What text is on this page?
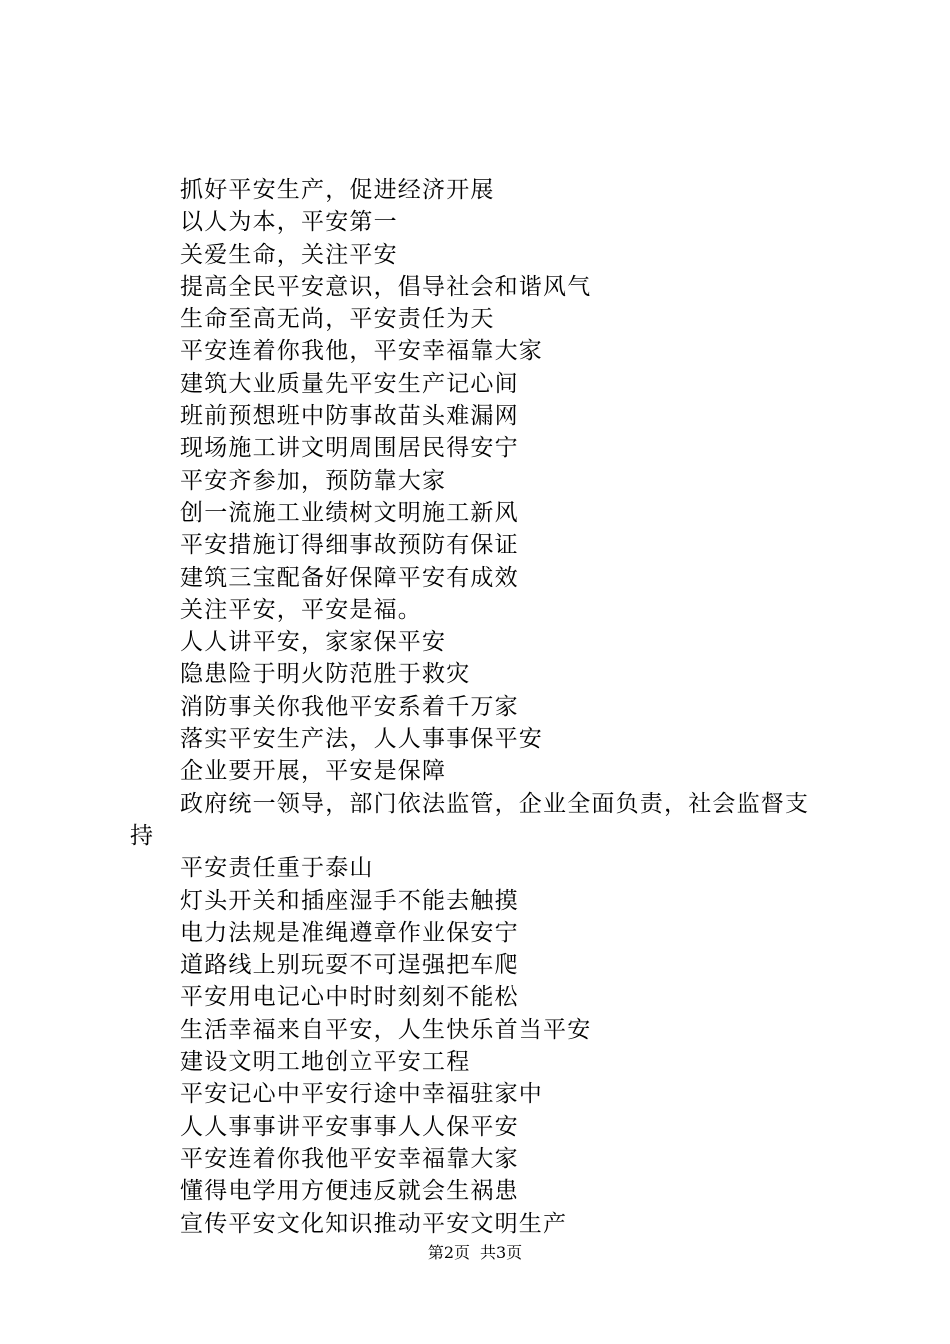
抓好平安生产，促进经济开展
以人为本，平安第一
关爱生命，关注平安
提高全民平安意识，倡导社会和谐风气
生命至高无尚，平安责任为天
平安连着你我他，平安幸福靠大家
建筑大业质量先平安生产记心间
班前预想班中防事故苗头难漏网
现场施工讲文明周围居民得安宁
平安齐参加，预防靠大家
创一流施工业绩树文明施工新风
平安措施订得细事故预防有保证
建筑三宝配备好保障平安有成效
关注平安，平安是福。
人人讲平安，家家保平安
隐患险于明火防范胜于救灾
消防事关你我他平安系着千万家
落实平安生产法，人人事事保平安
企业要开展，平安是保障
政府统一领导，部门依法监管，企业全面负责，社会监督支
持
平安责任重于泰山
灯头开关和插座湿手不能去触摸
电力法规是准绳遵章作业保安宁
道路线上别玩耍不可逞强把车爬
平安用电记心中时时刻刻不能松
生活幸福来自平安，人生快乐首当平安
建设文明工地创立平安工程
平安记心中平安行途中幸福驻家中
人人事事讲平安事事人人保平安
平安连着你我他平安幸福靠大家
懂得电学用方便违反就会生祸患
宣传平安文化知识推动平安文明生产
第2页 共3页
